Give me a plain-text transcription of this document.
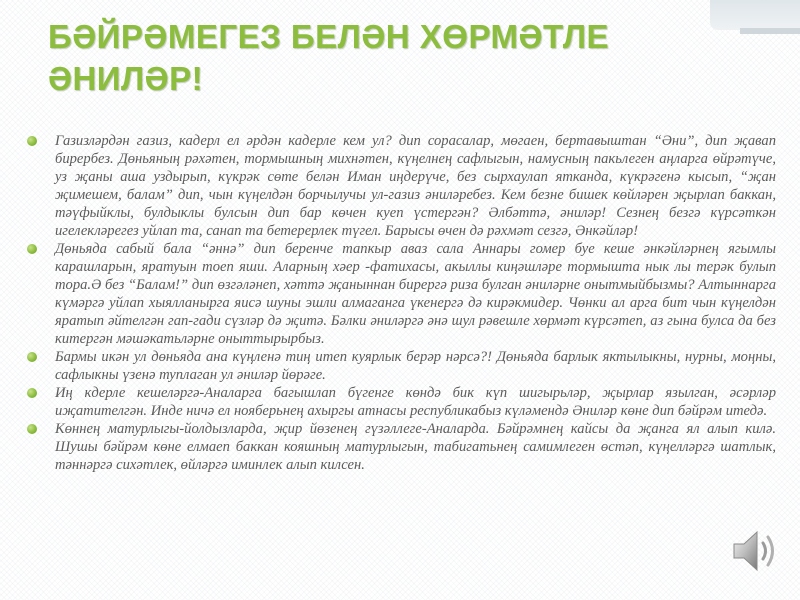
БӘЙРӘМЕГЕЗ БЕЛӘН ХӨРМӘТЛЕ
ӘНИЛӘР!

Газизләрдән газиз, кадерл ел әрдән кадерле кем ул? дип сорасалар, мөгаен, бертавыштан “Әни”, дип җавап бирербез. Дөньяның рәхәтен, тормышның михнәтен, күңелнең сафлыгын, намусның пакьлеген аңларга өйрәтүче, уз җаны аша уздырып, күкрәк сөте белән Иман иңдерүче, без сырхаулап ятканда, күкрәгенә кысып, “җан җимешем, балам” дип, чын күңелдән борчылучы ул-газиз әниләребез. Кем безне бишек көйләрен җырлап баккан, тәүфыйклы, булдыклы булсын дип бар көчен куеп үстергән? Әлбәттә, әниләр! Сезнең безгә күрсәткән игелекләрегез уйлап та, санап та бетерерлек түгел. Барысы өчен дә рәхмәт сезгә, Әнкәйләр!

Дөньяда сабый бала “әннә” дип беренче тапкыр аваз сала Аннары гомер буе кеше әнкәйләрнең ягымлы карашларын, яратуын тоеп яши. Аларның хәер -фатихасы, акыллы киңәшләре тормышта нык лы терәк булып тора.Ә без “Балам!” дип өзгәләнеп, хәттә җаныннан бирергә риза булган әниләрне онытмыйбызмы? Алтыннарга күмәргә уйлап хыялланырга яисә шуны эшли алмаганга үкенергә дә кирәкмидер. Чөнки ал арга бит чын күңелдән яратып әйтелгән гап-гади сүзләр дә җитә. Бәлки әниләргә әнә шул рәвешле хөрмәт күрсәтеп, аз гына булса да без китергән мәшәкатьләрне оныттырырбыз.

Бармы икән ул дөньяда ана күңленә тиң итеп куярлык берәр нәрсә?! Дөньяда барлык яктылыкны, нурны, моңны, сафлыкны үзенә туплаган ул әниләр йөрәге.

Иң кдерле кешеләргә-Аналарга багышлап бүгенге көндә бик күп шигырьләр, җырлар язылган, әсәрләр иҗатителгән. Инде ничә ел нояберьнең ахыргы атнасы республикабыз күләмендә Әниләр көне дип бәйрәм итедә.

Көннең матурлыгы-йолдызларда, җир йөзенең гүзәллеге-Аналарда. Бәйрәмнең кайсы да җанга ял алып килә. Шушы бәйрәм көне елмаеп баккан кояшның матурлыгын, табигатьнең самимлеген өстәп, күңелләргә шатлык, тәннәргә сихәтлек, өйләргә иминлек алып килсен.
